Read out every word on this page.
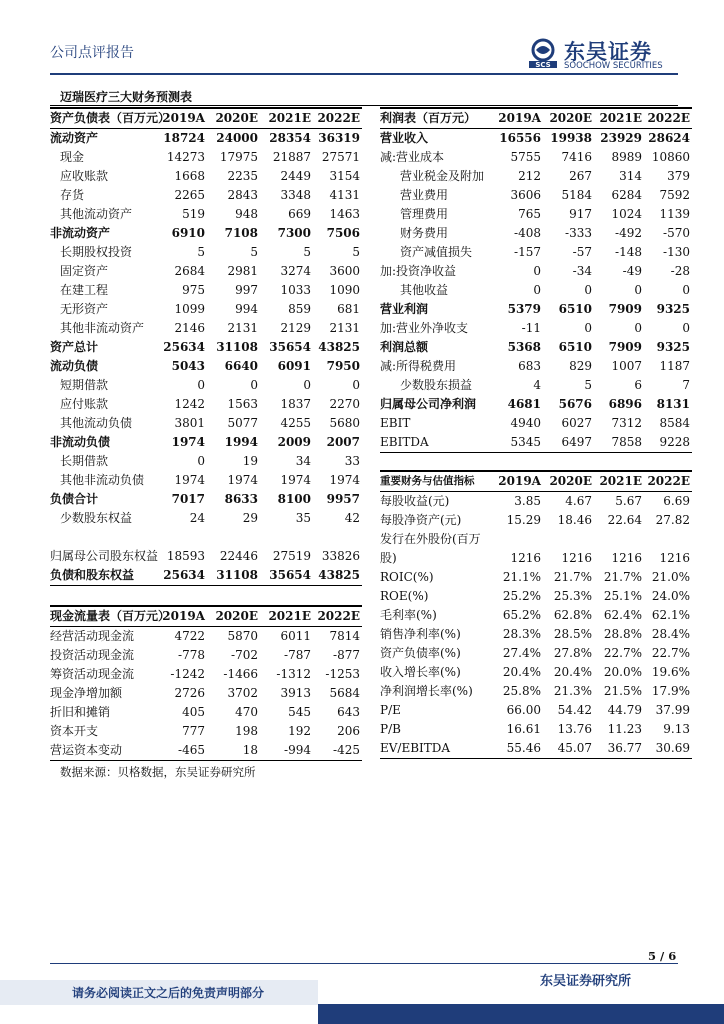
公司点评报告
SCS
东吴证券
SOOCHOW SECURITIES
迈瑞医疗三大财务预测表
资产负债表（百万元）
2019A 2020E 2021E 2022E
流动资产	18724 24000 28354 36319
现金	14273 17975 21887 27571
应收账款	1668 2235 2449 3154
存货	2265 2843 3348 4131
其他流动资产	519	948	669 1463
非流动资产	6910 7108 7300 7506
长期股权投资	5	5	5	5
固定资产	2684 2981 3274 3600
在建工程	975	997 1033 1090
无形资产	1099	994	859 681
其他非流动资产	2146 2131 2129 2131
资产总计	25634 31108 35654 43825
流动负债	5043 6640 6091 7950
短期借款	0	0	0	0
应付账款	1242 1563 1837 2270
其他流动负债	3801 5077 4255 5680
非流动负债	1974 1994 2009 2007
长期借款	0	19	34	33
其他非流动负债	1974 1974 1974 1974
负债合计	7017 8633 8100 9957
少数股东权益	24	29	35	42
归属母公司股东权益 18593 22446 27519 33826
负债和股东权益 25634 31108 35654 43825
利润表（百万元） 2019A 2020E 2021E 2022E
营业收入	16556 19938 23929 28624
减:营业成本	5755 7416 8989 10860
营业税金及附加	212 267 314 379
营业费用	3606 5184 6284 7592
管理费用	765 917 1024 1139
财务费用	-408 -333 -492 -570
资产减值损失	-157	-57 -148 -130
加:投资净收益	0	-34	-49 -28
其他收益	0	0	0	0
营业利润	5379 6510 7909 9325
加:营业外净收支	-11	0	0	0
利润总额	5368 6510 7909 9325
减:所得税费用	683 829 1007 1187
少数股东损益	4	5	6	7
归属母公司净利润	4681 5676 6896 8131
EBIT	4940 6027 7312 8584
EBITDA	5345 6497 7858 9228
重要财务与估值指标 2019A 2020E 2021E 2022E
每股收益(元)	3.85 4.67 5.67 6.69
每股净资产(元)	15.29 18.46 22.64 27.82
发行在外股份(百万
股)	1216 1216 1216 1216
ROIC(%)	21.1% 21.7% 21.7% 21.0%
ROE(%)	25.2% 25.3% 25.1% 24.0%
毛利率(%)	65.2% 62.8% 62.4% 62.1%
销售净利率(%)	28.3% 28.5% 28.8% 28.4%
资产负债率(%)	27.4% 27.8% 22.7% 22.7%
收入增长率(%)	20.4% 20.4% 20.0% 19.6%
净利润增长率(%)	25.8% 21.3% 21.5% 17.9%
P/E	66.00 54.42 44.79 37.99
P/B	16.61 13.76 11.23 9.13
EV/EBITDA	55.46 45.07 36.77 30.69
现金流量表（百万元）
2019A 2020E 2021E 2022E
经营活动现金流	4722 5870 6011 7814
投资活动现金流	-778 -702 -787 -877
筹资活动现金流	-1242 -1466 -1312 -1253
现金净增加额	2726 3702 3913 5684
折旧和摊销	405	470	545 643
资本开支	777	198	192 206
营运资本变动	-465	18 -994 -425
数据来源：贝格数据，东吴证券研究所
5 / 6
请务必阅读正文之后的免责声明部分
东吴证券研究所
